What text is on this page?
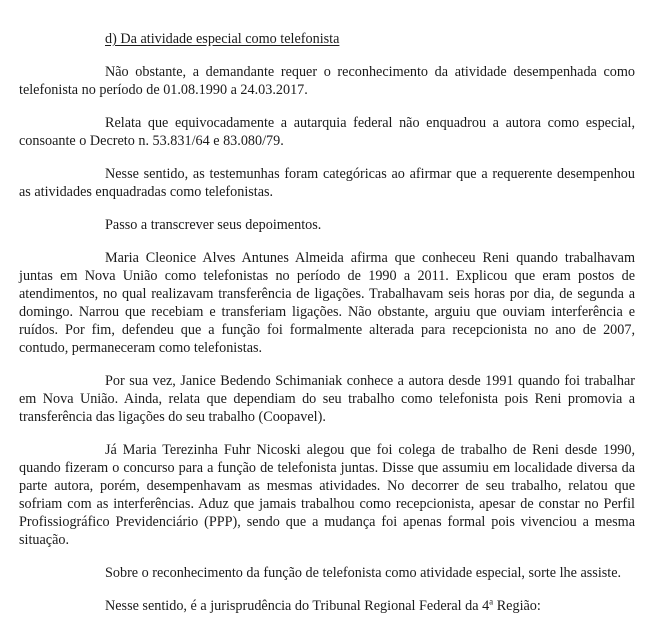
d) Da atividade especial como telefonista

Não obstante, a demandante requer o reconhecimento da atividade desempenhada como telefonista no período de 01.08.1990 a 24.03.2017.

Relata que equivocadamente a autarquia federal não enquadrou a autora como especial, consoante o Decreto n. 53.831/64 e 83.080/79.

Nesse sentido, as testemunhas foram categóricas ao afirmar que a requerente desempenhou as atividades enquadradas como telefonistas.

Passo a transcrever seus depoimentos.

Maria Cleonice Alves Antunes Almeida afirma que conheceu Reni quando trabalhavam juntas em Nova União como telefonistas no período de 1990 a 2011. Explicou que eram postos de atendimentos, no qual realizavam transferência de ligações. Trabalhavam seis horas por dia, de segunda a domingo. Narrou que recebiam e transferiam ligações. Não obstante, arguiu que ouviam interferência e ruídos. Por fim, defendeu que a função foi formalmente alterada para recepcionista no ano de 2007, contudo, permaneceram como telefonistas.

Por sua vez, Janice Bedendo Schimaniak conhece a autora desde 1991 quando foi trabalhar em Nova União. Ainda, relata que dependiam do seu trabalho como telefonista pois Reni promovia a transferência das ligações do seu trabalho (Coopavel).

Já Maria Terezinha Fuhr Nicoski alegou que foi colega de trabalho de Reni desde 1990, quando fizeram o concurso para a função de telefonista juntas. Disse que assumiu em localidade diversa da parte autora, porém, desempenhavam as mesmas atividades. No decorrer de seu trabalho, relatou que sofriam com as interferências. Aduz que jamais trabalhou como recepcionista, apesar de constar no Perfil Profissiográfico Previdenciário (PPP), sendo que a mudança foi apenas formal pois vivenciou a mesma situação.

Sobre o reconhecimento da função de telefonista como atividade especial, sorte lhe assiste.

Nesse sentido, é a jurisprudência do Tribunal Regional Federal da 4$^a$ Região:
